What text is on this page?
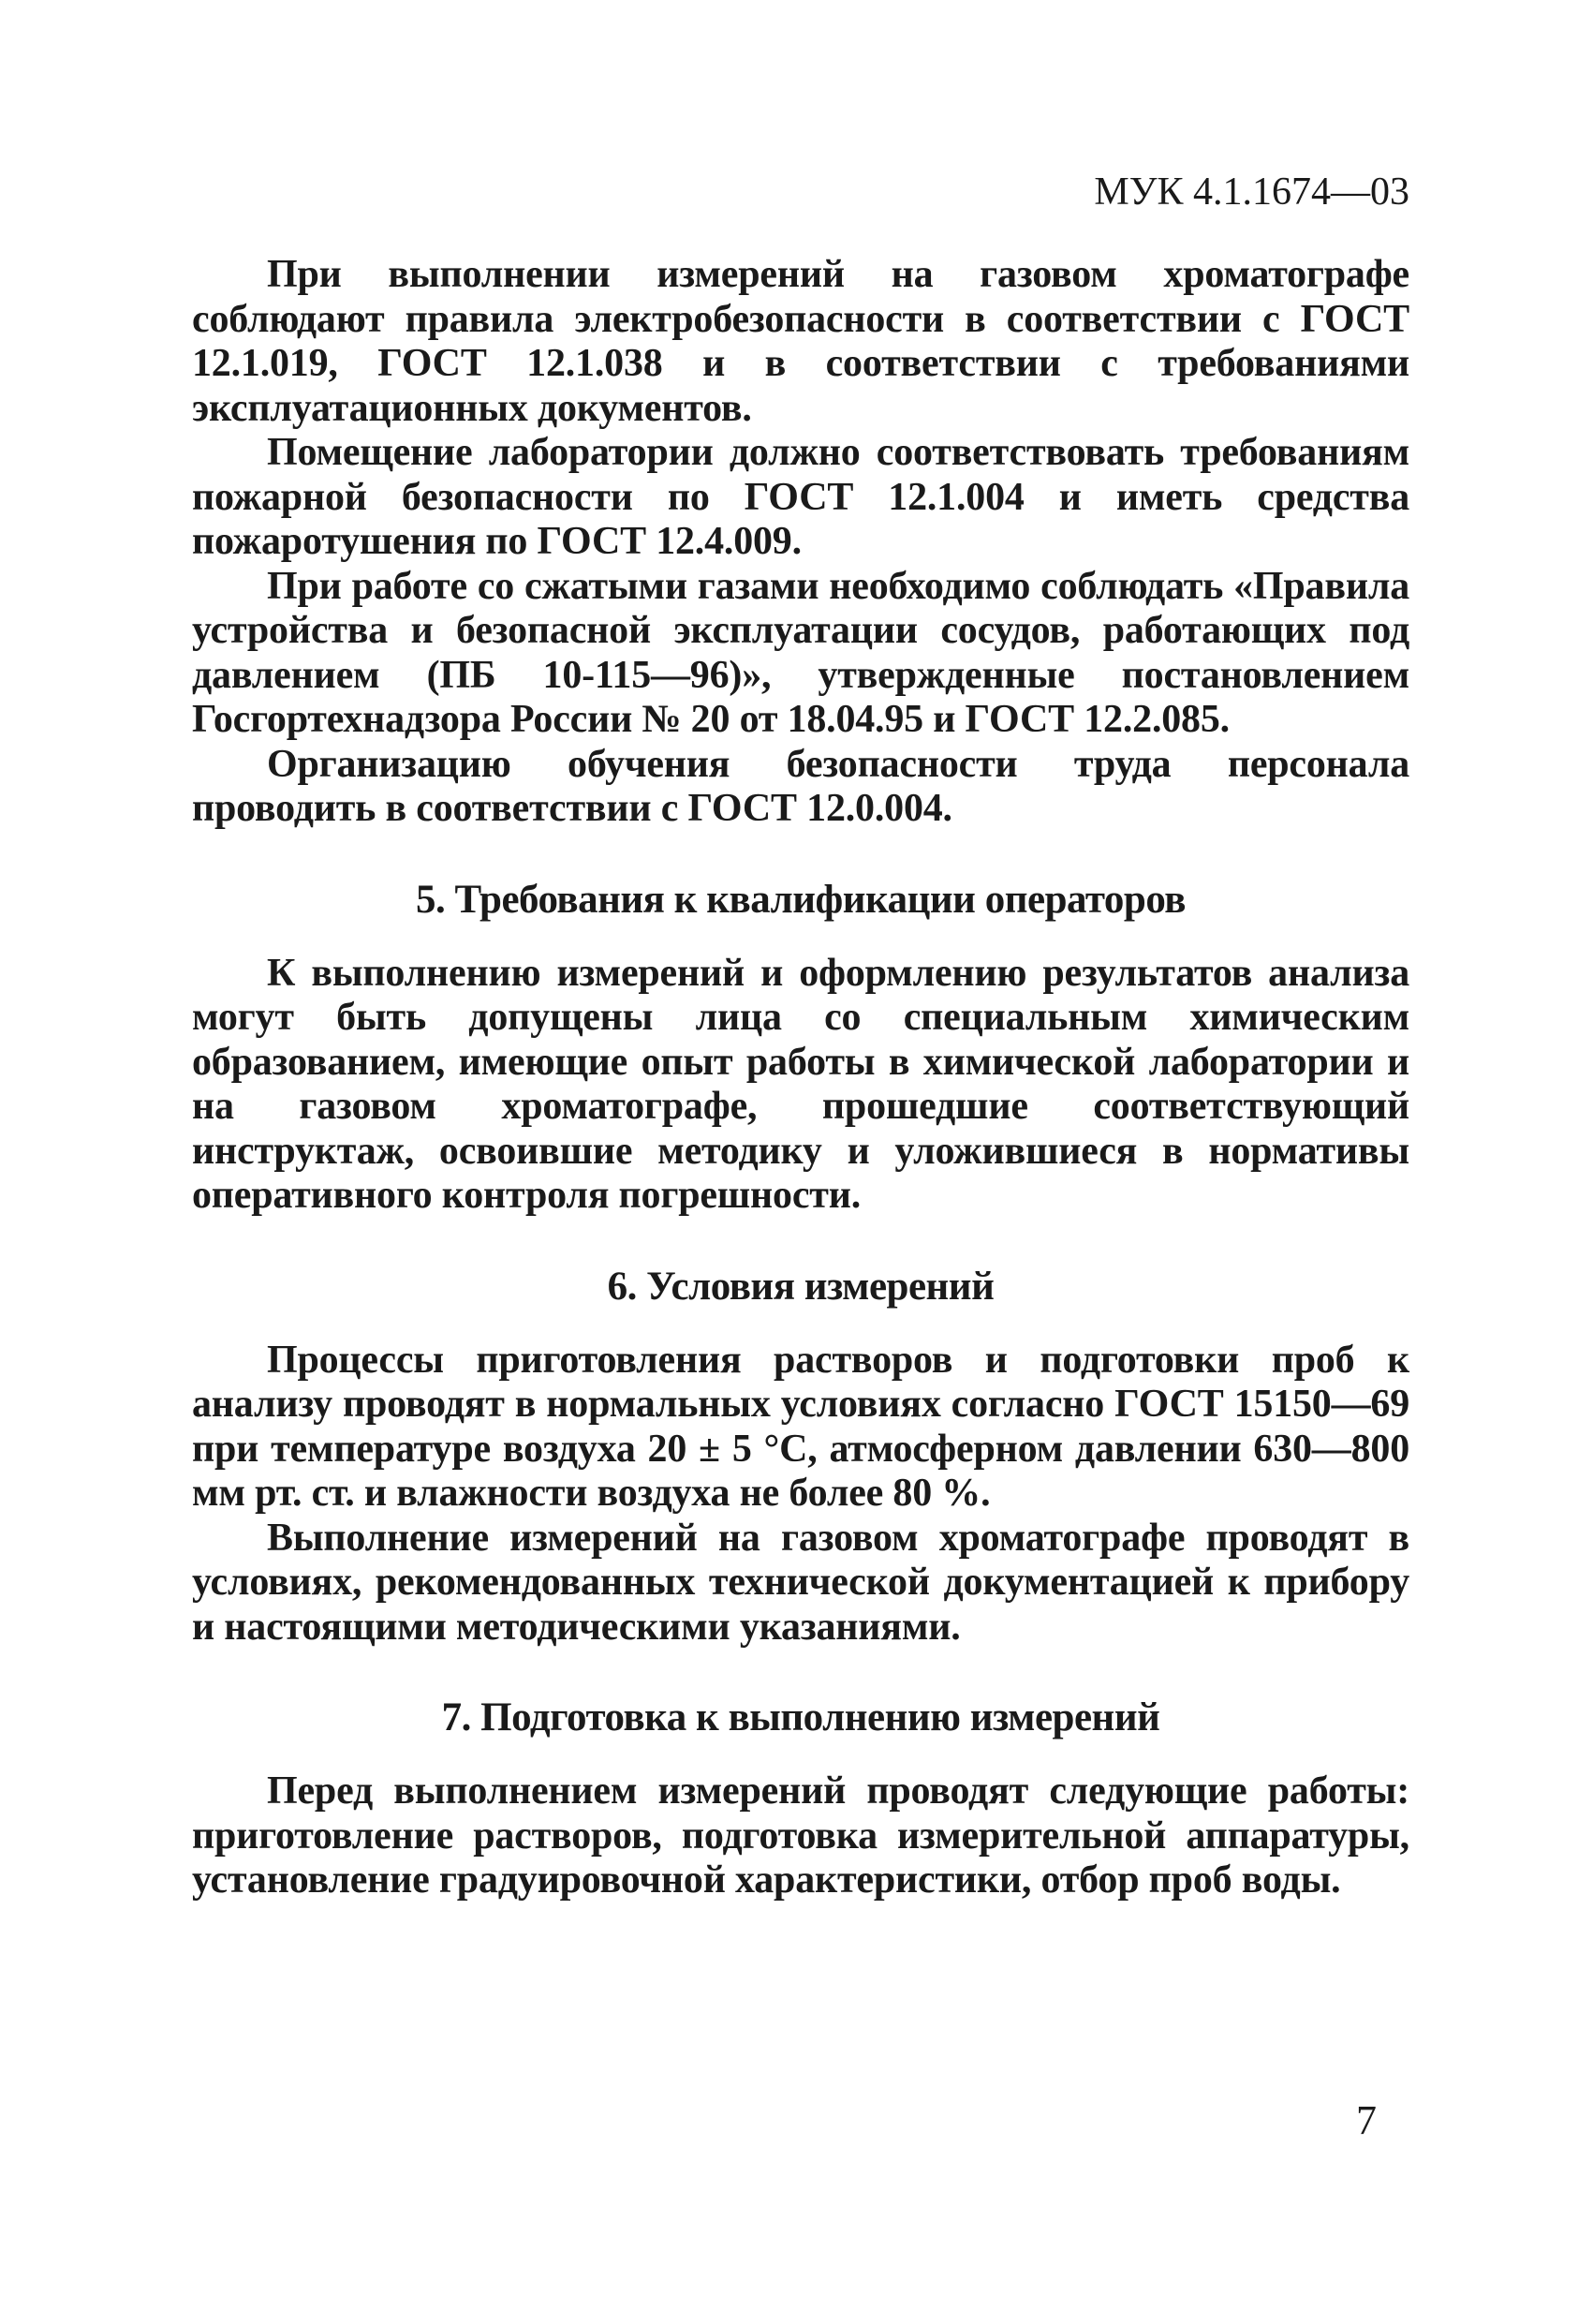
МУК 4.1.1674—03

При выполнении измерений на газовом хроматографе соблюдают правила электробезопасности в соответствии с ГОСТ 12.1.019, ГОСТ 12.1.038 и в соответствии с требованиями эксплуатационных документов.

Помещение лаборатории должно соответствовать требованиям пожарной безопасности по ГОСТ 12.1.004 и иметь средства пожаротушения по ГОСТ 12.4.009.

При работе со сжатыми газами необходимо соблюдать «Правила устройства и безопасной эксплуатации сосудов, работающих под давлением (ПБ 10-115—96)», утвержденные постановлением Госгортехнадзора России № 20 от 18.04.95 и ГОСТ 12.2.085.

Организацию обучения безопасности труда персонала проводить в соответствии с ГОСТ 12.0.004.

5. Требования к квалификации операторов

К выполнению измерений и оформлению результатов анализа могут быть допущены лица со специальным химическим образованием, имеющие опыт работы в химической лаборатории и на газовом хроматографе, прошедшие соответствующий инструктаж, освоившие методику и уложившиеся в нормативы оперативного контроля погрешности.

6. Условия измерений

Процессы приготовления растворов и подготовки проб к анализу проводят в нормальных условиях согласно ГОСТ 15150—69 при температуре воздуха 20 ± 5 °С, атмосферном давлении 630—800 мм рт. ст. и влажности воздуха не более 80 %.

Выполнение измерений на газовом хроматографе проводят в условиях, рекомендованных технической документацией к прибору и настоящими методическими указаниями.

7. Подготовка к выполнению измерений

Перед выполнением измерений проводят следующие работы: приготовление растворов, подготовка измерительной аппаратуры, установление градуировочной характеристики, отбор проб воды.

7
